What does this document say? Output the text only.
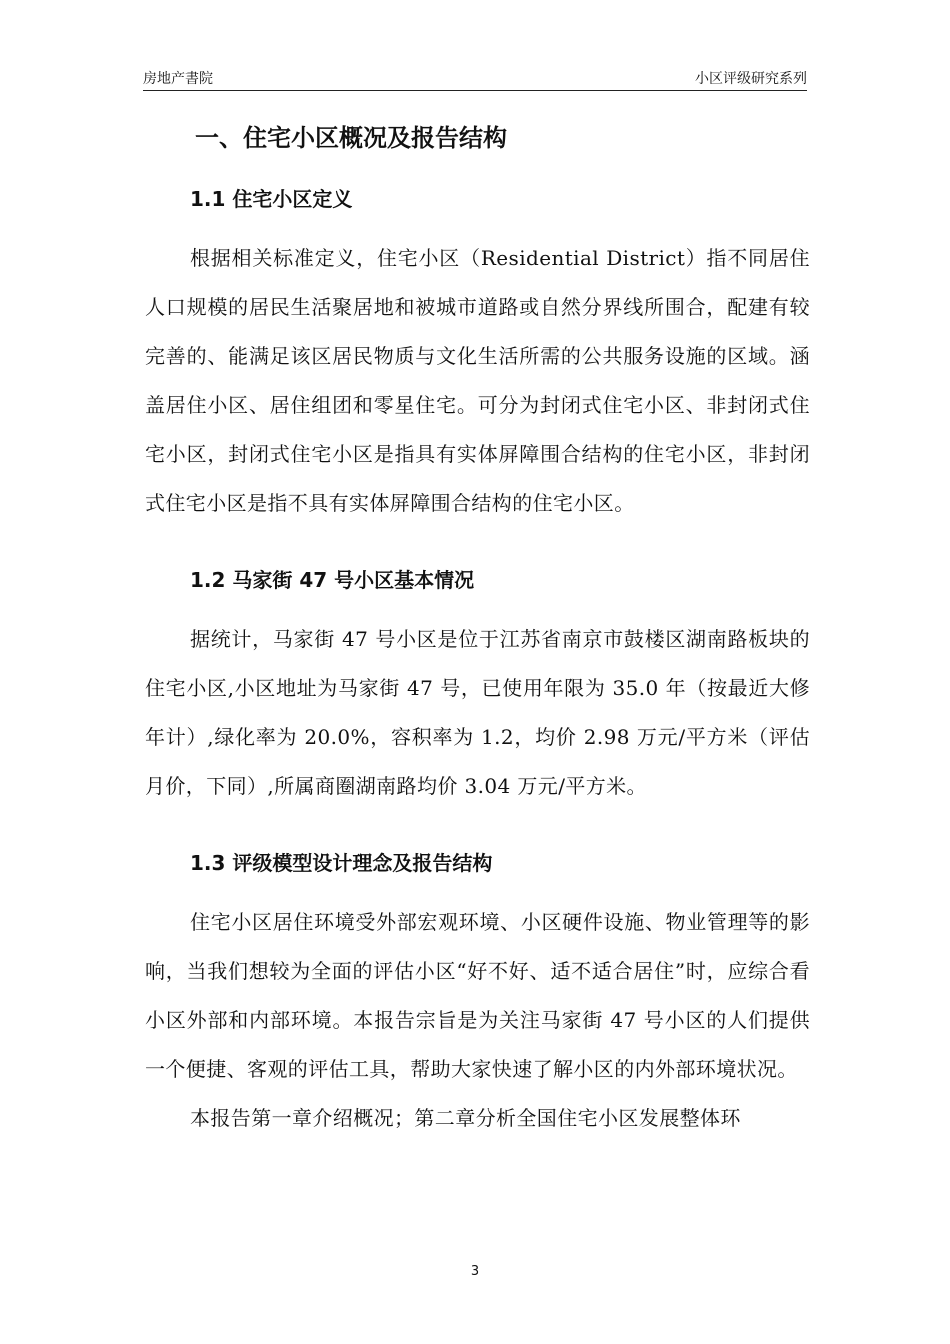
房地产書院	小区评级研究系列
一、住宅小区概况及报告结构
1.1 住宅小区定义

根据相关标准定义，住宅小区（Residential District）指不同居住人口规模的居民生活聚居地和被城市道路或自然分界线所围合，配建有较完善的、能满足该区居民物质与文化生活所需的公共服务设施的区域。涵盖居住小区、居住组团和零星住宅。可分为封闭式住宅小区、非封闭式住宅小区，封闭式住宅小区是指具有实体屏障围合结构的住宅小区，非封闭式住宅小区是指不具有实体屏障围合结构的住宅小区。

1.2 马家街 47 号小区基本情况

据统计，马家街 47 号小区是位于江苏省南京市鼓楼区湖南路板块的住宅小区,小区地址为马家街 47 号，已使用年限为 35.0 年（按最近大修年计）,绿化率为 20.0%，容积率为 1.2，均价 2.98 万元/平方米（评估月价，下同）,所属商圈湖南路均价 3.04 万元/平方米。

1.3 评级模型设计理念及报告结构

住宅小区居住环境受外部宏观环境、小区硬件设施、物业管理等的影响，当我们想较为全面的评估小区“好不好、适不适合居住”时，应综合看小区外部和内部环境。本报告宗旨是为关注马家街 47 号小区的人们提供一个便捷、客观的评估工具，帮助大家快速了解小区的内外部环境状况。

本报告第一章介绍概况；第二章分析全国住宅小区发展整体环

3
